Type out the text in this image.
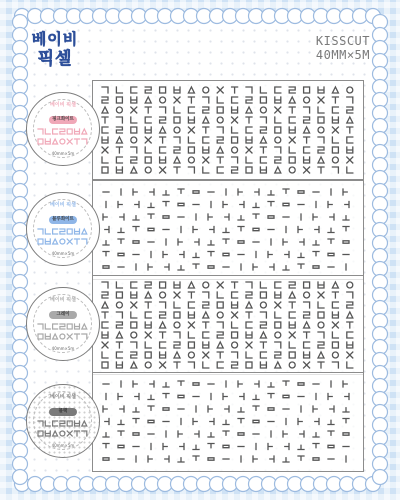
베이비
픽셀
KISSCUT
40MM×5M
베이비 픽셀
핑크화이트
40mm×5m
베이비 픽셀
블루화이트
40mm×5m
베이비 픽셀
그레이
40mm×5m
베이비 픽셀
블랙
40mm×5m
